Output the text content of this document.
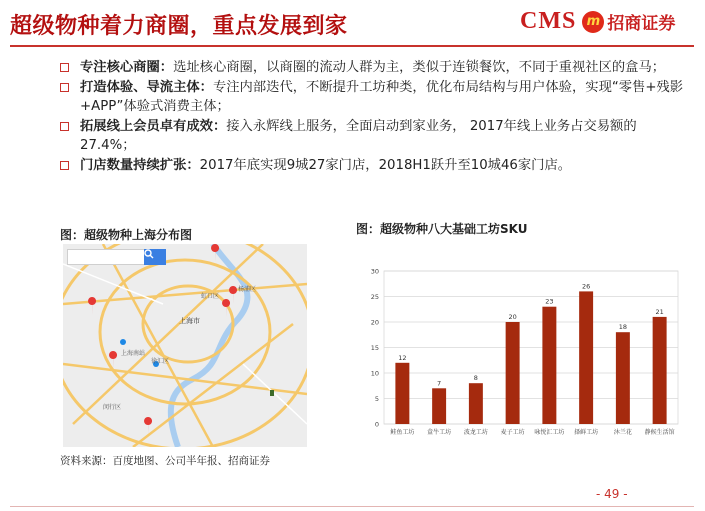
超级物种着力商圈，重点发展到家	CMS m 招商证券

专注核心商圈：选址核心商圈，以商圈的流动人群为主，类似于连锁餐饮，不同于重视社区的盒马；

打造体验、导流主体：专注内部迭代，不断提升工坊种类，优化布局结构与用户体验，实现“零售+残影+APP”体验式消费主体；

拓展线上会员卓有成效：接入永辉线上服务，全面启动到家业务， 2017年线上业务占交易额的27.4%；

门店数量持续扩张：2017年底实现9城27家门店，2018H1跃升至10城46家门店。

图：超级物种上海分布图	图：超级物种八大基础工坊SKU
上海市
虹口区
杨浦区
徐汇区
上海南站
闵行区
0
5
10
15
20
25
30
12
鲑鱼工坊
7
盒牛工坊
8
波龙工坊
20
麦子工坊
23
咏悦汇工坊
26
择鲜工坊
18
沐兰花
21
静候生活馆
资料来源：百度地图、公司半年报、招商证券
- 49 -
